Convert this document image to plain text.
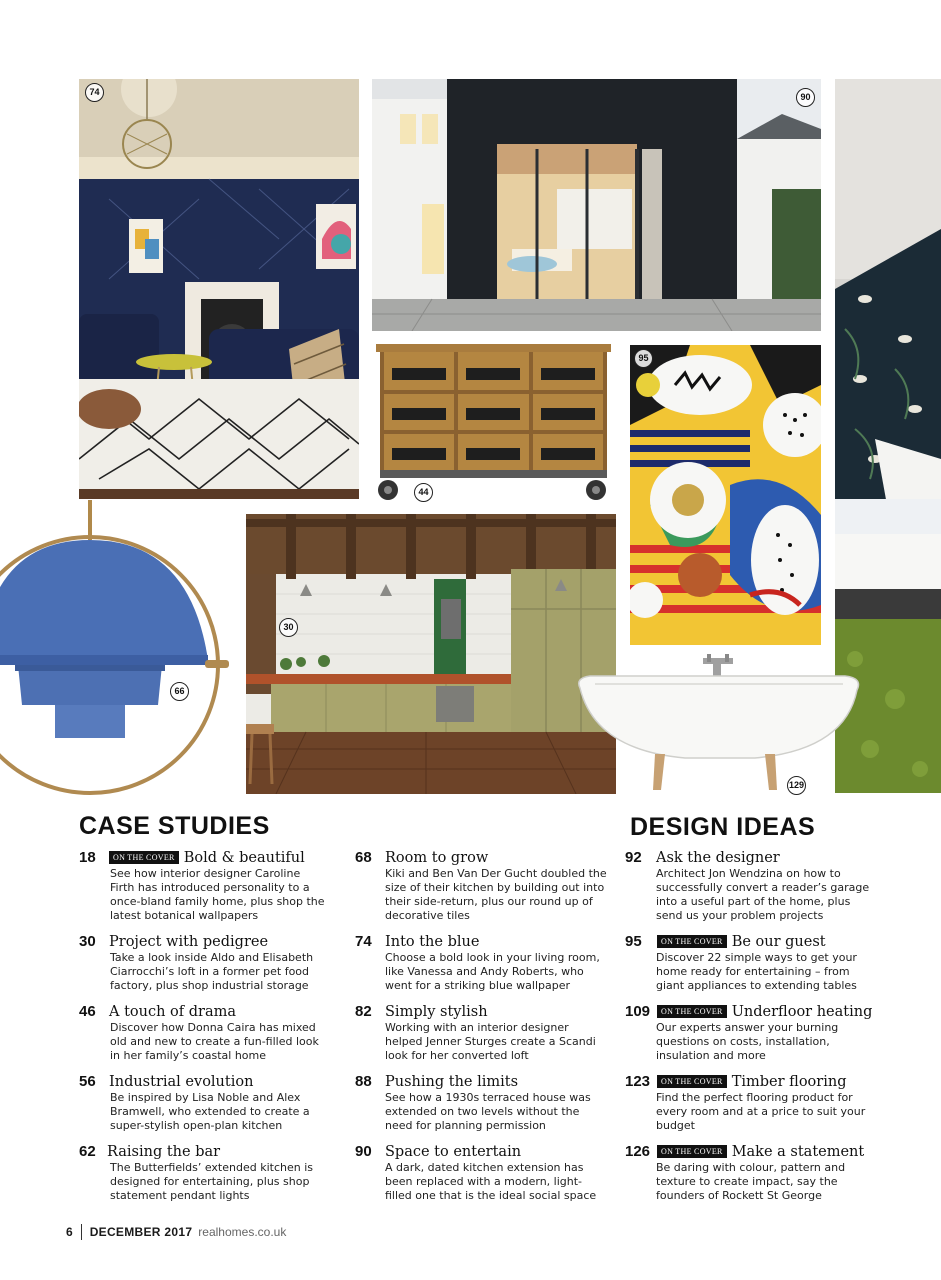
74	90
44
95
66
30
129
CASE STUDIES
18	ON THE COVER Bold & beautiful

See how interior designer Caroline Firth has introduced personality to a once-bland family home, plus shop the latest botanical wallpapers

30 Project with pedigree

Take a look inside Aldo and Elisabeth Ciarrocchi’s loft in a former pet food factory, plus shop industrial storage

46 A touch of drama

Discover how Donna Caira has mixed old and new to create a fun-filled look in her family’s coastal home

56 Industrial evolution

Be inspired by Lisa Noble and Alex Bramwell, who extended to create a super-stylish open-plan kitchen

62 Raising the bar

The Butterfields’ extended kitchen is designed for entertaining, plus shop statement pendant lights

68 Room to grow

Kiki and Ben Van Der Gucht doubled the size of their kitchen by building out into their side-return, plus our round up of decorative tiles

74 Into the blue

Choose a bold look in your living room, like Vanessa and Andy Roberts, who went for a striking blue wallpaper

82 Simply stylish

Working with an interior designer helped Jenner Sturges create a Scandi look for her converted loft

88 Pushing the limits

See how a 1930s terraced house was extended on two levels without the need for planning permission

90 Space to entertain

A dark, dated kitchen extension has been replaced with a modern, light-filled one that is the ideal social space

DESIGN IDEAS
92 Ask the designer

Architect Jon Wendzina on how to successfully convert a reader’s garage into a useful part of the home, plus send us your problem projects

95	ON THE COVER Be our guest

Discover 22 simple ways to get your home ready for entertaining – from giant appliances to extending tables

109	ON THE COVER Underfloor heating

Our experts answer your burning questions on costs, installation, insulation and more

123	ON THE COVER Timber flooring

Find the perfect flooring product for every room and at a price to suit your budget

126	ON THE COVER Make a statement

Be daring with colour, pattern and texture to create impact, say the founders of Rockett St George

6 DECEMBER 2017 realhomes.co.uk
